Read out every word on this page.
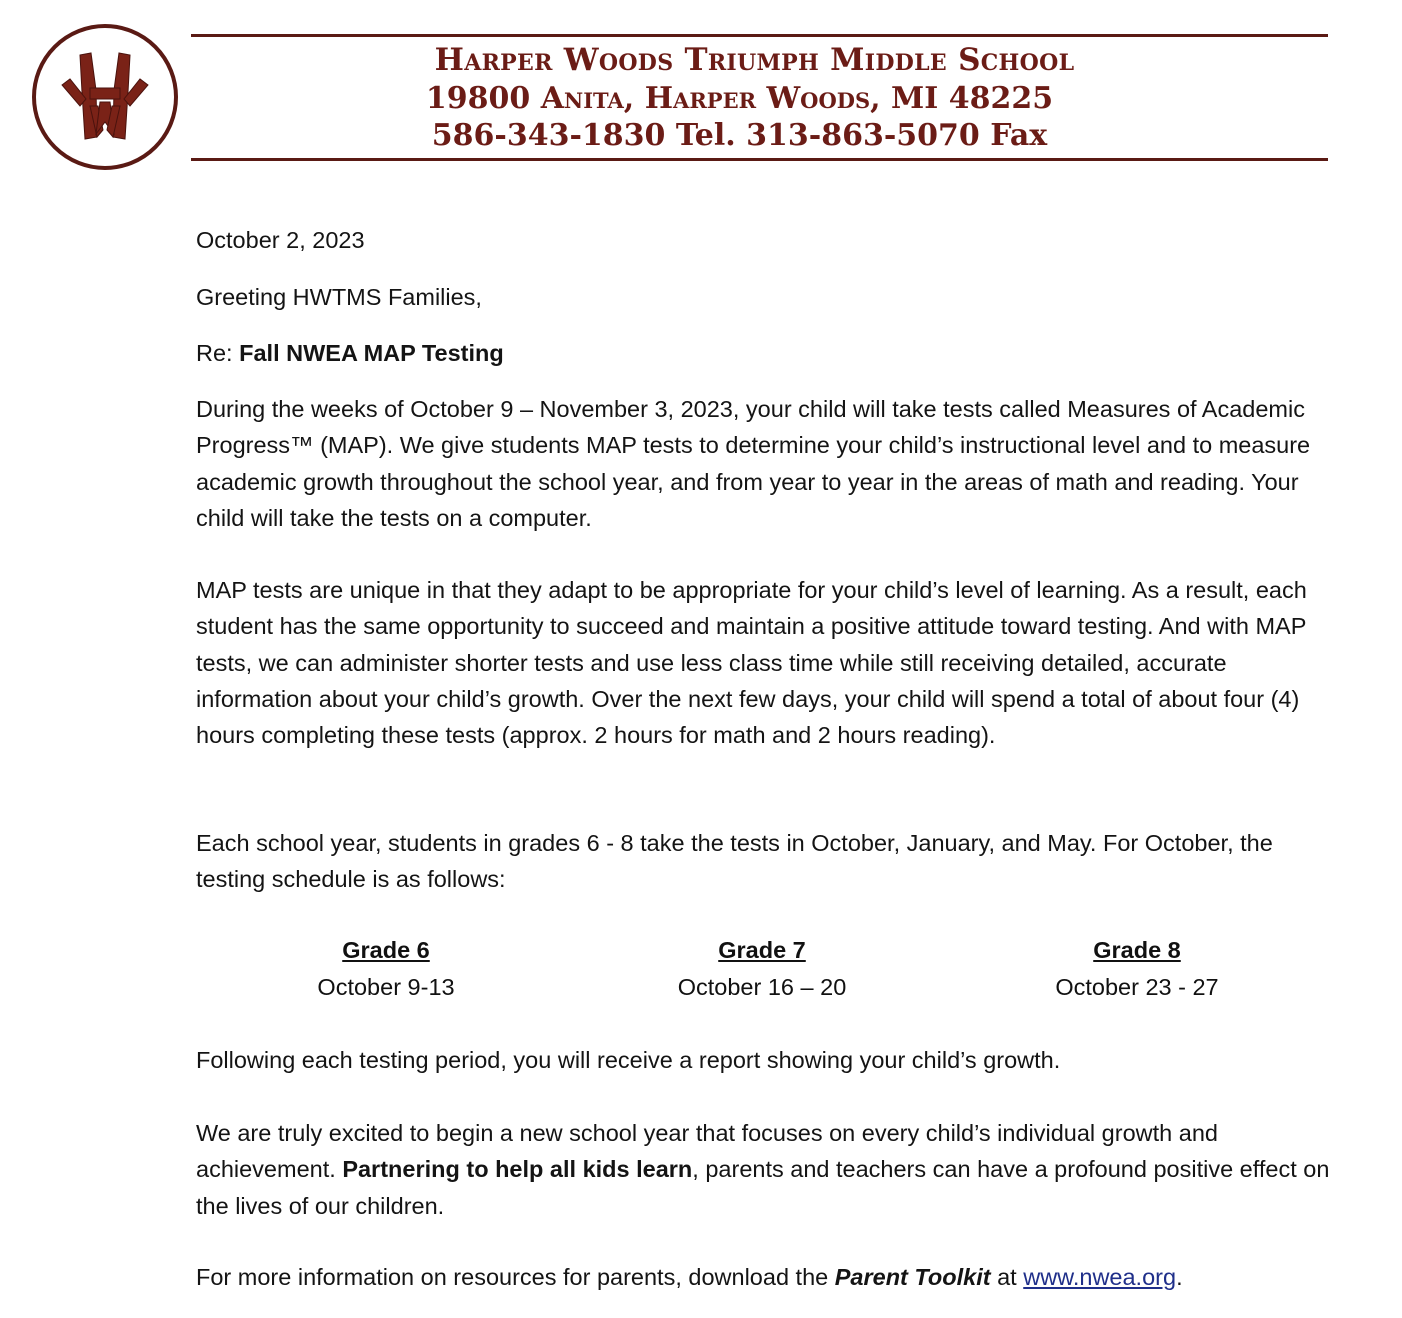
Harper Woods Triumph Middle School
19800 Anita, Harper Woods, MI 48225
586-343-1830 Tel. 313-863-5070 Fax

October 2, 2023

Greeting HWTMS Families,

Re: Fall NWEA MAP Testing

During the weeks of October 9 – November 3, 2023, your child will take tests called Measures of Academic Progress™ (MAP). We give students MAP tests to determine your child’s instructional level and to measure academic growth throughout the school year, and from year to year in the areas of math and reading. Your child will take the tests on a computer.

MAP tests are unique in that they adapt to be appropriate for your child’s level of learning. As a result, each student has the same opportunity to succeed and maintain a positive attitude toward testing. And with MAP tests, we can administer shorter tests and use less class time while still receiving detailed, accurate information about your child’s growth. Over the next few days, your child will spend a total of about four (4) hours completing these tests (approx. 2 hours for math and 2 hours reading).

Each school year, students in grades 6 - 8 take the tests in October, January, and May. For October, the testing schedule is as follows:

Following each testing period, you will receive a report showing your child’s growth.

We are truly excited to begin a new school year that focuses on every child’s individual growth and achievement. Partnering to help all kids learn, parents and teachers can have a profound positive effect on the lives of our children.

For more information on resources for parents, download the Parent Toolkit at www.nwea.org.

Grade 6
October 9-13
Grade 7
October 16 – 20
Grade 8
October 23 - 27
